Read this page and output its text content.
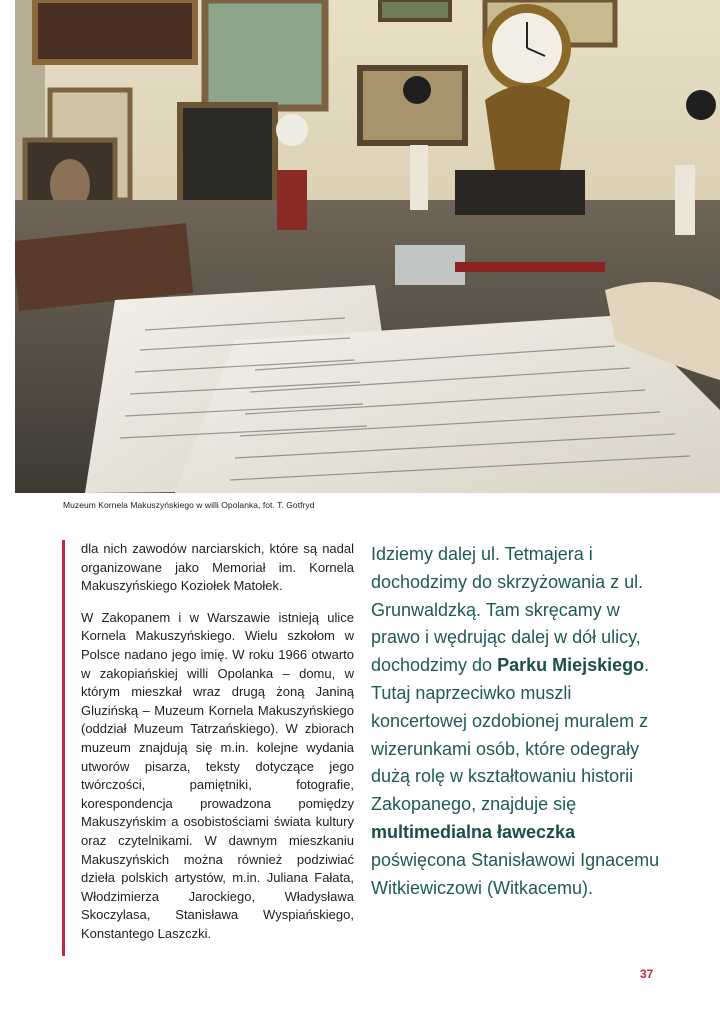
Muzeum Kornela Makuszyńskiego w willi Opolanka, fot. T. Gotfryd

dla nich zawodów narciarskich, które są nadal organizowane jako Memoriał im. Kornela Makuszyńskiego Koziołek Matołek.

W Zakopanem i w Warszawie istnieją ulice Kornela Makuszyńskiego. Wielu szkołom w Polsce nadano jego imię. W roku 1966 otwarto w zakopiańskiej willi Opolanka – domu, w którym mieszkał wraz drugą żoną Janiną Gluzińską – Muzeum Kornela Makuszyńskiego (oddział Muzeum Tatrzańskiego). W zbiorach muzeum znajdują się m.in. kolejne wydania utworów pisarza, teksty dotyczące jego twórczości, pamiętniki, fotografie, korespondencja prowadzona pomiędzy Makuszyńskim a osobistościami świata kultury oraz czytelnikami. W dawnym mieszkaniu Makuszyńskich można również podziwiać dzieła polskich artystów, m.in. Juliana Fałata, Włodzimierza Jarockiego, Władysława Skoczylasa, Stanisława Wyspiańskiego, Konstantego Laszczki.

Idziemy dalej ul. Tetmajera i dochodzimy do skrzyżowania z ul. Grunwaldzką. Tam skręcamy w prawo i wędrując dalej w dół ulicy, dochodzimy do Parku Miejskiego. Tutaj naprzeciwko muszli koncertowej ozdobionej muralem z wizerunkami osób, które odegrały dużą rolę w kształtowaniu historii Zakopanego, znajduje się multimedialna ławeczka poświęcona Stanisławowi Ignacemu Witkiewiczowi (Witkacemu).
37
